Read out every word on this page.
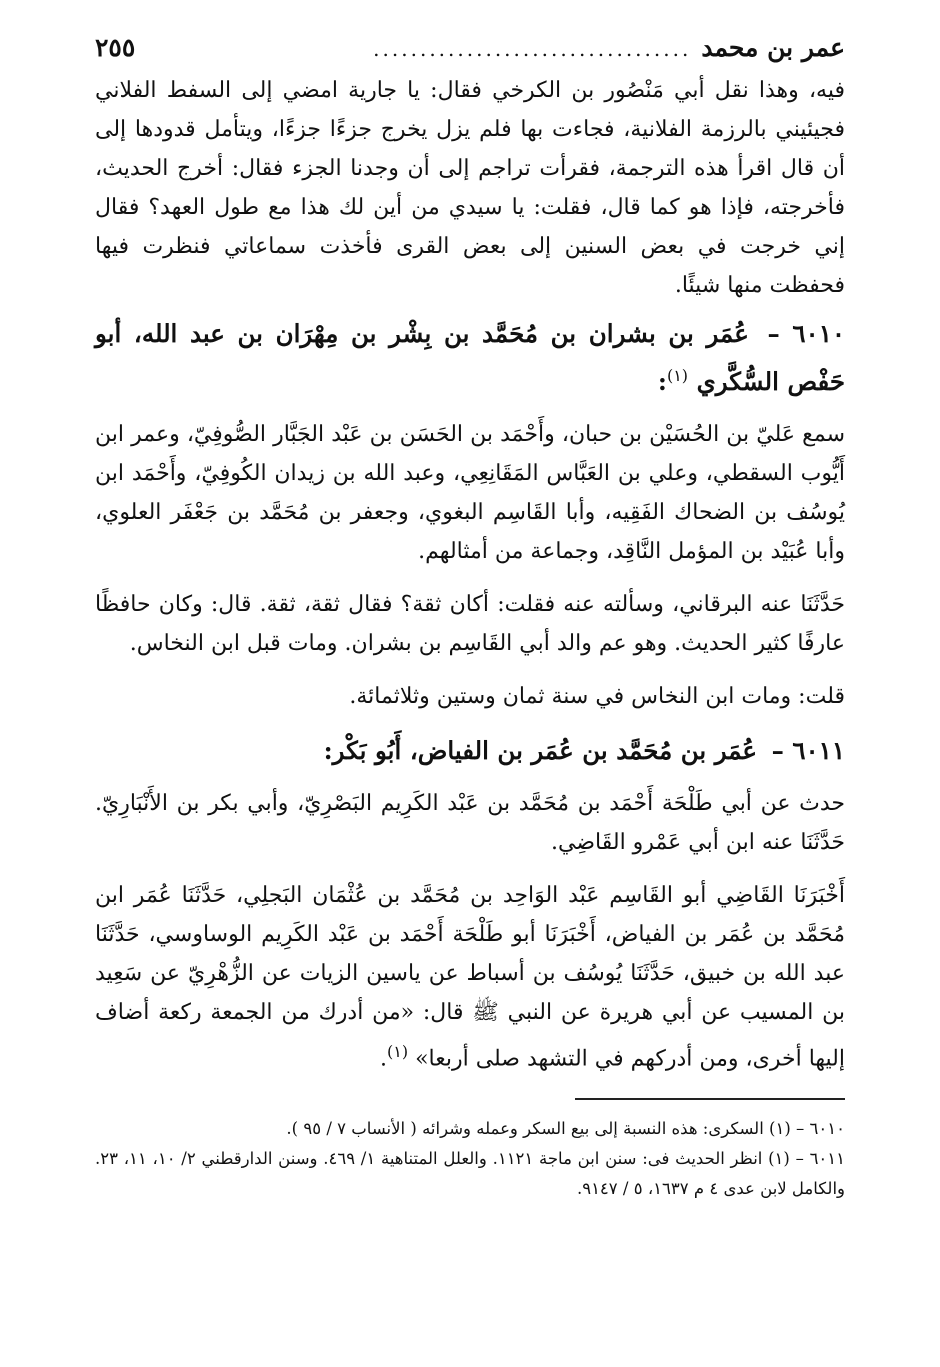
عمر بن محمد
..................................
٢٥٥

فيه، وهذا نقل أبي مَنْصُور بن الكرخي فقال: يا جارية امضي إلى السفط الفلاني فجيئيني بالرزمة الفلانية، فجاءت بها فلم يزل يخرج جزءًا جزءًا، ويتأمل قدودها إلى أن قال اقرأ هذه الترجمة، فقرأت تراجم إلى أن وجدنا الجزء فقال: أخرج الحديث، فأخرجته، فإذا هو كما قال، فقلت: يا سيدي من أين لك هذا مع طول العهد؟ فقال إني خرجت في بعض السنين إلى بعض القرى فأخذت سماعاتي فنظرت فيها فحفظت منها شيئًا.

٦٠١٠ – عُمَر بن بشران بن مُحَمَّد بن بِشْر بن مِهْرَان بن عبد الله، أبو حَفْص السُّكَّري $^{(١)}$:

سمع عَليّ بن الحُسَيْن بن حبان، وأَحْمَد بن الحَسَن بن عَبْد الجَبَّار الصُّوفِيّ، وعمر ابن أَيُّوب السقطي، وعلي بن العَبَّاس المَقَانِعِي، وعبد الله بن زيدان الكُوفِيّ، وأَحْمَد ابن يُوسُف بن الضحاك الفَقِيه، وأبا القَاسِم البغوي، وجعفر بن مُحَمَّد بن جَعْفَر العلوي، وأبا عُبَيْد بن المؤمل النَّاقِد، وجماعة من أمثالهم.

حَدَّثَنَا عنه البرقاني، وسألته عنه فقلت: أكان ثقة؟ فقال ثقة، ثقة. قال: وكان حافظًا عارفًا كثير الحديث. وهو عم والد أبي القَاسِم بن بشران. ومات قبل ابن النخاس.

قلت: ومات ابن النخاس في سنة ثمان وستين وثلاثمائة.

٦٠١١ – عُمَر بن مُحَمَّد بن عُمَر بن الفياض، أَبُو بَكْر:

حدث عن أبي طَلْحَة أَحْمَد بن مُحَمَّد بن عَبْد الكَرِيم البَصْرِيّ، وأبي بكر بن الأَنْبَارِيّ. حَدَّثَنَا عنه ابن أبي عَمْرو القَاضِي.

أَخْبَرَنَا القَاضِي أبو القَاسِم عَبْد الوَاحِد بن مُحَمَّد بن عُثْمَان البَجلِي، حَدَّثَنَا عُمَر ابن مُحَمَّد بن عُمَر بن الفياض، أَخْبَرَنَا أبو طَلْحَة أَحْمَد بن عَبْد الكَرِيم الوساوسي، حَدَّثَنَا عبد الله بن خبيق، حَدَّثَنَا يُوسُف بن أسباط عن ياسين الزيات عن الزُّهْرِيّ عن سَعِيد بن المسيب عن أبي هريرة عن النبي ﷺ قال: «من أدرك من الجمعة ركعة أضاف إليها أخرى، ومن أدركهم في التشهد صلى أربعا» $^{(١)}$.

٦٠١٠ – (١) السكرى: هذه النسبة إلى بيع السكر وعمله وشرائه ( الأنساب ٧ / ٩٥ ).

٦٠١١ – (١) انظر الحديث فى: سنن ابن ماجة ١١٢١. والعلل المتناهية ١/ ٤٦٩. وسنن الدارقطني ٢/ ١٠، ١١، ٢٣. والكامل لابن عدى ٤ م ١٦٣٧، ٥ / ٩١٤٧.
